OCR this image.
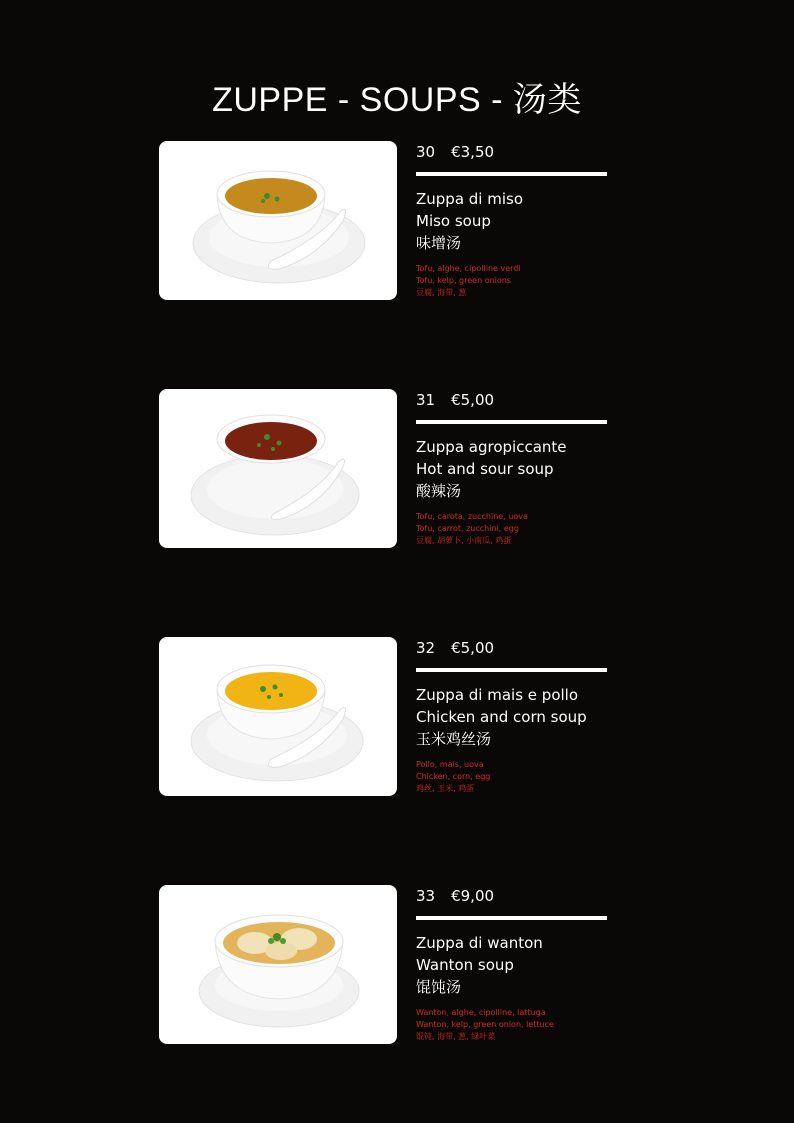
ZUPPE - SOUPS - 汤类
30 €3,50
Zuppa di miso
Miso soup
味增汤
Tofu, alghe, cipolline verdi
Tofu, kelp, green onions
豆腐, 海带, 葱
31 €5,00
Zuppa agropiccante
Hot and sour soup
酸辣汤
Tofu, carota, zucchine, uova
Tofu, carrot, zucchini, egg
豆腐, 胡萝卜, 小南瓜, 鸡蛋
32 €5,00
Zuppa di mais e pollo
Chicken and corn soup
玉米鸡丝汤
Pollo, mais, uova
Chicken, corn, egg
鸡丝, 玉米, 鸡蛋
33 €9,00
Zuppa di wanton
Wanton soup
馄饨汤
Wanton, alghe, cipolline, lattuga
Wanton, kelp, green onion, lettuce
馄饨, 海带, 葱, 绿叶菜
